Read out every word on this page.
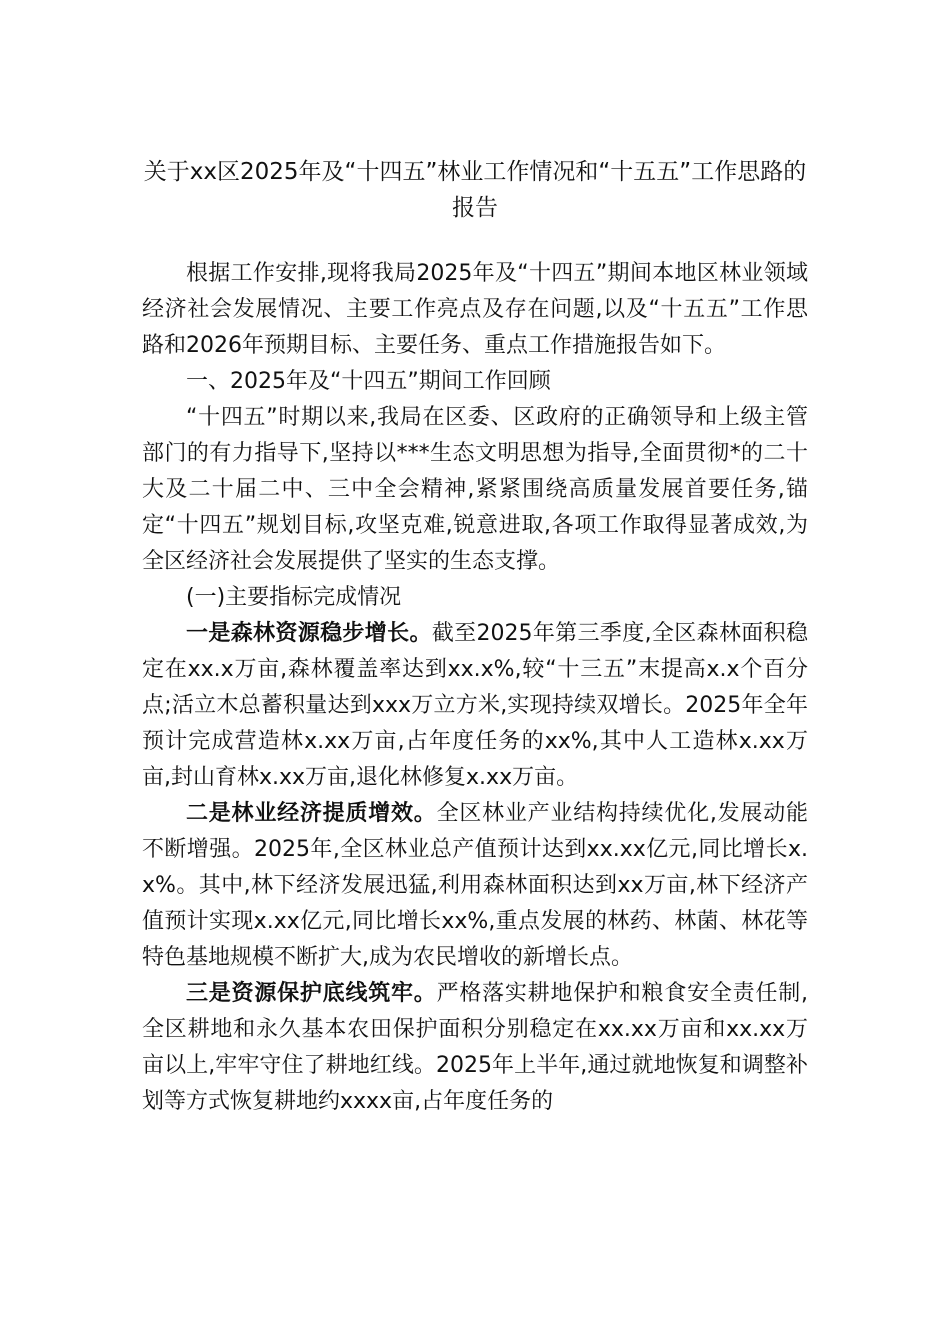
关于xx区2025年及“十四五”林业工作情况和“十五五”工作思路的报告

根据工作安排,现将我局2025年及“十四五”期间本地区林业领域经济社会发展情况、主要工作亮点及存在问题,以及“十五五”工作思路和2026年预期目标、主要任务、重点工作措施报告如下。

一、2025年及“十四五”期间工作回顾

“十四五”时期以来,我局在区委、区政府的正确领导和上级主管部门的有力指导下,坚持以***生态文明思想为指导,全面贯彻*的二十大及二十届二中、三中全会精神,紧紧围绕高质量发展首要任务,锚定“十四五”规划目标,攻坚克难,锐意进取,各项工作取得显著成效,为全区经济社会发展提供了坚实的生态支撑。

(一)主要指标完成情况

一是森林资源稳步增长。截至2025年第三季度,全区森林面积稳定在xx.x万亩,森林覆盖率达到xx.x%,较“十三五”末提高x.x个百分点;活立木总蓄积量达到xxx万立方米,实现持续双增长。2025年全年预计完成营造林x.xx万亩,占年度任务的xx%,其中人工造林x.xx万亩,封山育林x.xx万亩,退化林修复x.xx万亩。

二是林业经济提质增效。全区林业产业结构持续优化,发展动能不断增强。2025年,全区林业总产值预计达到xx.xx亿元,同比增长x.x%。其中,林下经济发展迅猛,利用森林面积达到xx万亩,林下经济产值预计实现x.xx亿元,同比增长xx%,重点发展的林药、林菌、林花等特色基地规模不断扩大,成为农民增收的新增长点。

三是资源保护底线筑牢。严格落实耕地保护和粮食安全责任制,全区耕地和永久基本农田保护面积分别稳定在xx.xx万亩和xx.xx万亩以上,牢牢守住了耕地红线。2025年上半年,通过就地恢复和调整补划等方式恢复耕地约xxxx亩,占年度任务的
